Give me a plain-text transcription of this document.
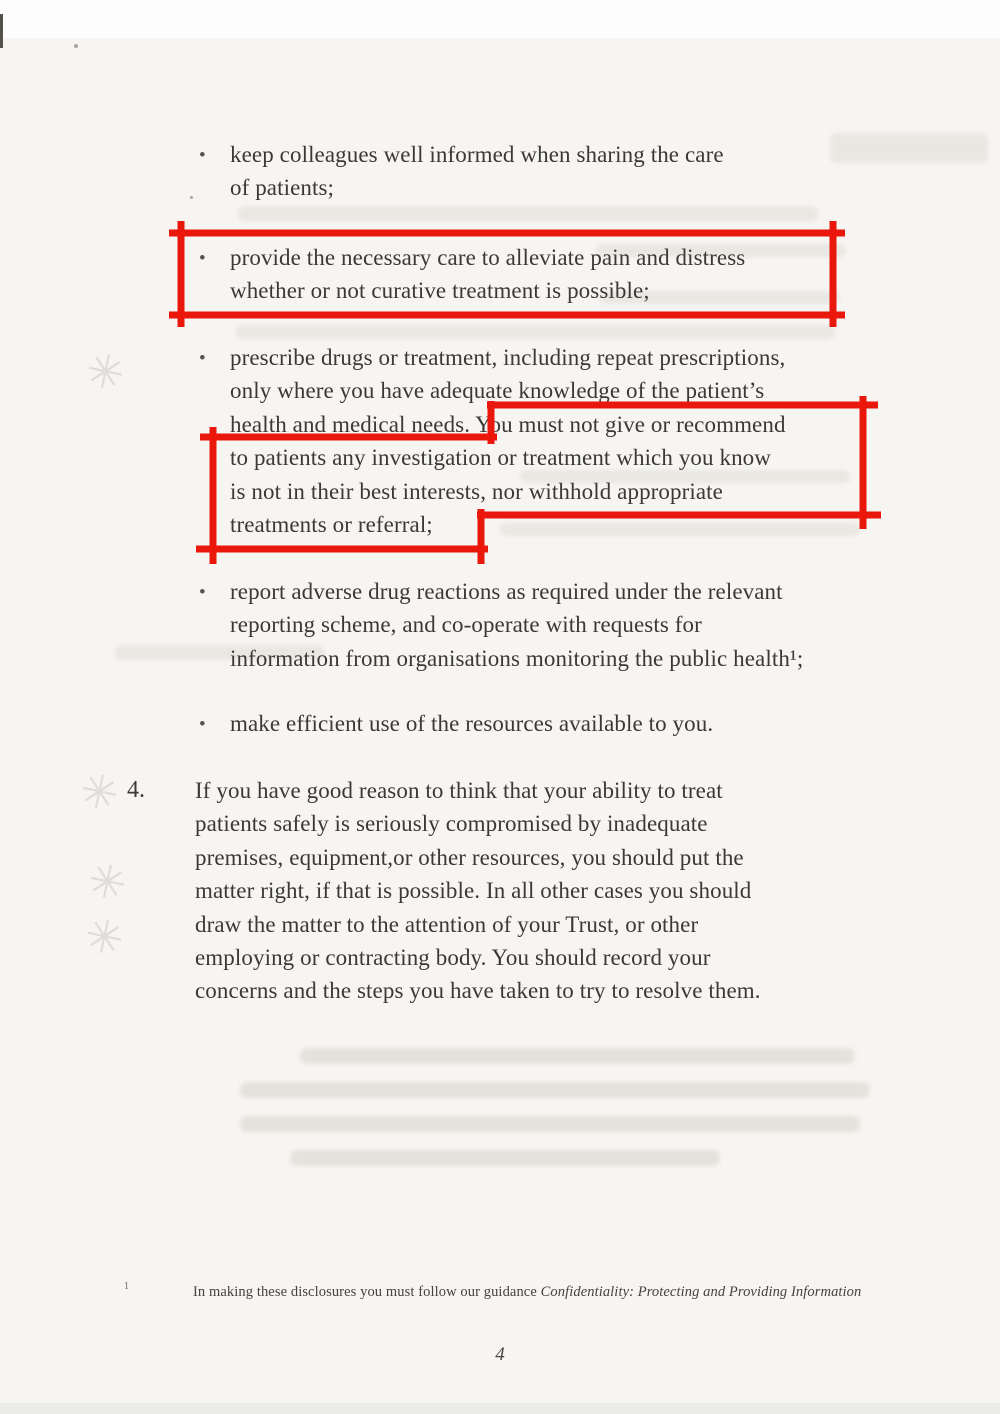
✳
✳
✳
✳
• keep colleagues well informed when sharing the care
of patients;
• provide the necessary care to alleviate pain and distress
whether or not curative treatment is possible;
• prescribe drugs or treatment, including repeat prescriptions,
only where you have adequate knowledge of the patient’s
health and medical needs. You must not give or recommend
to patients any investigation or treatment which you know
is not in their best interests, nor withhold appropriate
treatments or referral;
• report adverse drug reactions as required under the relevant
reporting scheme, and co-operate with requests for
information from organisations monitoring the public health¹;
• make efficient use of the resources available to you.
4. If you have good reason to think that your ability to treat
patients safely is seriously compromised by inadequate
premises, equipment,or other resources, you should put the
matter right, if that is possible. In all other cases you should
draw the matter to the attention of your Trust, or other
employing or contracting body. You should record your
concerns and the steps you have taken to try to resolve them.
1	In making these disclosures you must follow our guidance Confidentiality: Protecting and Providing Information
4
